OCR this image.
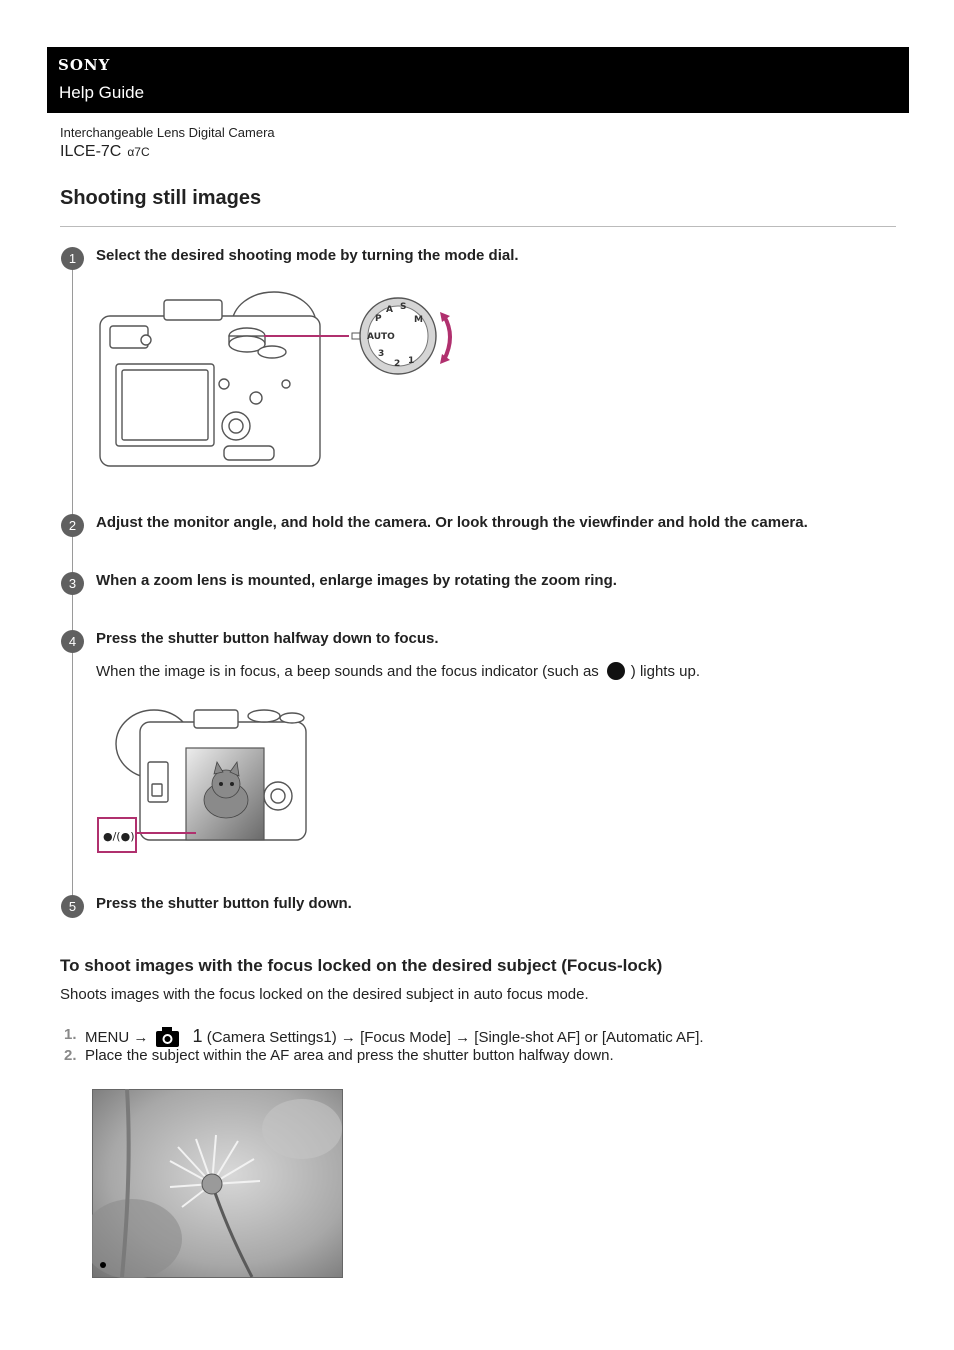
SONY
Help Guide
Interchangeable Lens Digital Camera
ILCE-7C α7C
Shooting still images
1	Select the desired shooting mode by turning the mode dial.
AUTO
P
A S
M
1
2
3
2	Adjust the monitor angle, and hold the camera. Or look through the viewfinder and hold the camera.
3	When a zoom lens is mounted, enlarge images by rotating the zoom ring.
4	Press the shutter button halfway down to focus.
When the image is in focus, a beep sounds and the focus indicator (such as ) lights up.
●/(●)
5	Press the shutter button fully down.
To shoot images with the focus locked on the desired subject (Focus-lock)
Shoots images with the focus locked on the desired subject in auto focus mode.
1. MENU → 1 (Camera Settings1) → [Focus Mode] → [Single-shot AF] or [Automatic AF].
2. Place the subject within the AF area and press the shutter button halfway down.
